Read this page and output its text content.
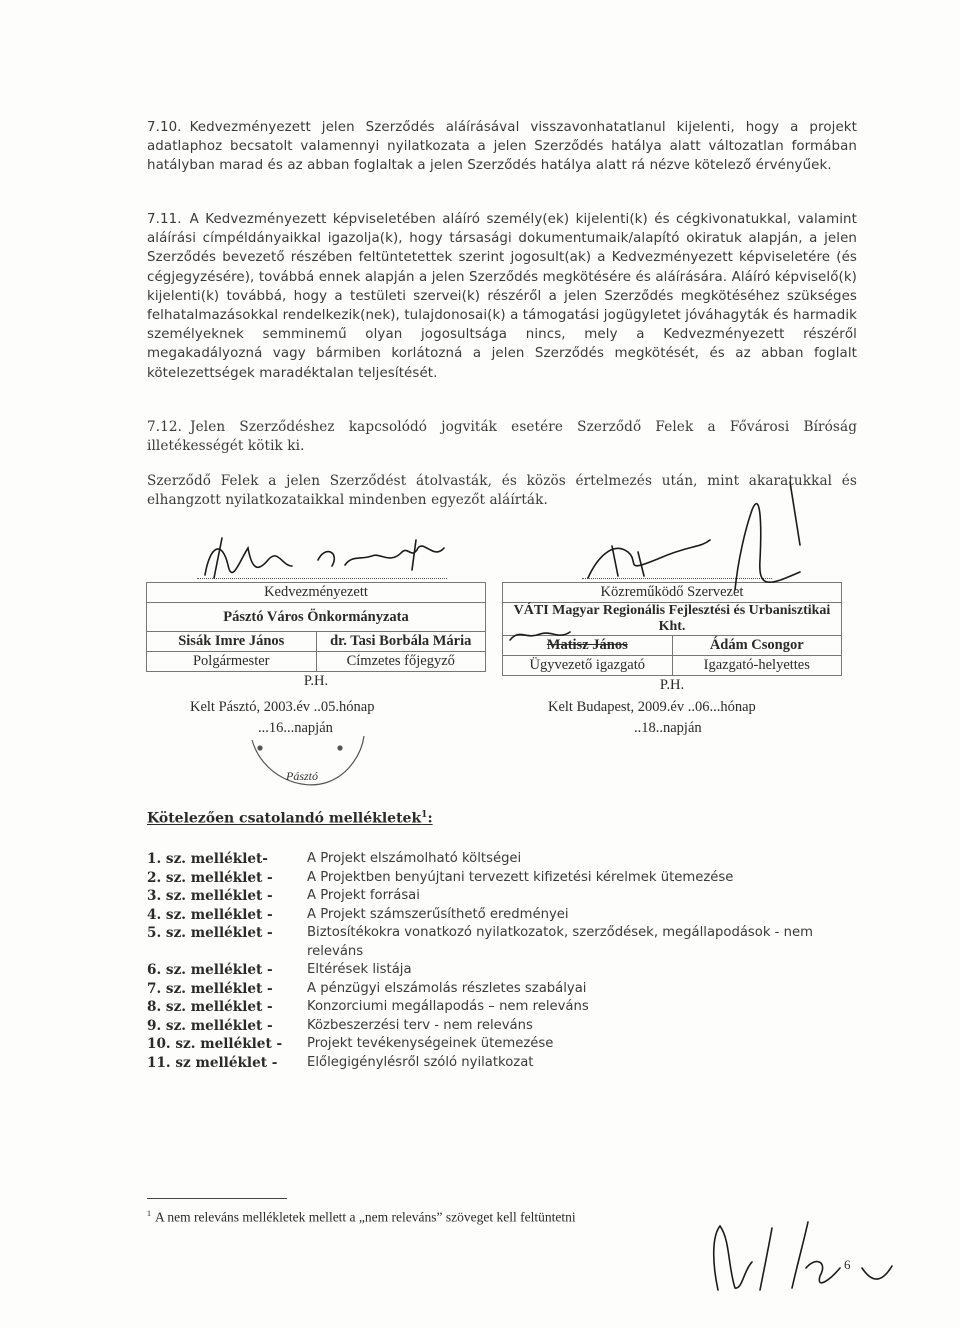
7.10. Kedvezményezett jelen Szerződés aláírásával visszavonhatatlanul kijelenti, hogy a projekt adatlaphoz becsatolt valamennyi nyilatkozata a jelen Szerződés hatálya alatt változatlan formában hatályban marad és az abban foglaltak a jelen Szerződés hatálya alatt rá nézve kötelező érvényűek.
7.11. A Kedvezményezett képviseletében aláíró személy(ek) kijelenti(k) és cégkivonatukkal, valamint aláírási címpéldányaikkal igazolja(k), hogy társasági dokumentumaik/alapító okiratuk alapján, a jelen Szerződés bevezető részében feltüntetettek szerint jogosult(ak) a Kedvezményezett képviseletére (és cégjegyzésére), továbbá ennek alapján a jelen Szerződés megkötésére és aláírására. Aláíró képviselő(k) kijelenti(k) továbbá, hogy a testületi szervei(k) részéről a jelen Szerződés megkötéséhez szükséges felhatalmazásokkal rendelkezik(nek), tulajdonosai(k) a támogatási jogügyletet jóváhagyták és harmadik személyeknek semminemű olyan jogosultsága nincs, mely a Kedvezményezett részéről megakadályozná vagy bármiben korlátozná a jelen Szerződés megkötését, és az abban foglalt kötelezettségek maradéktalan teljesítését.
7.12. Jelen Szerződéshez kapcsolódó jogviták esetére Szerződő Felek a Fővárosi Bíróság illetékességét kötik ki.
Szerződő Felek a jelen Szerződést átolvasták, és közös értelmezés után, mint akaratukkal és elhangzott nyilatkozataikkal mindenben egyezőt aláírták.
Kedvezményezett	
Pásztó Város Önkormányzata	
Sisák Imre János	dr. Tasi Borbála Mária
Polgármester	Címzetes főjegyző
P.H.	
Kelt Pásztó, 2003.év ..05.hónap
...16...napján
Közreműködő Szervezet	
VÁTI Magyar Regionális Fejlesztési és Urbanisztikai Kht.	
Matisz János	Ádám Csongor
Ügyvezető igazgató	Igazgató-helyettes
P.H.	
Kelt Budapest, 2009.év ..06...hónap
..18..napján
Pásztó
Kötelezően csatolandó mellékletek$^1$:
1. sz. melléklet-	A Projekt elszámolható költségei
2. sz. melléklet -	A Projektben benyújtani tervezett kifizetési kérelmek ütemezése
3. sz. melléklet -	A Projekt forrásai
4. sz. melléklet -	A Projekt számszerűsíthető eredményei
5. sz. melléklet -	Biztosítékokra vonatkozó nyilatkozatok, szerződések, megállapodások - nem releváns
6. sz. melléklet -	Eltérések listája
7. sz. melléklet -	A pénzügyi elszámolás részletes szabályai
8. sz. melléklet -	Konzorciumi megállapodás – nem releváns
9. sz. melléklet -	Közbeszerzési terv - nem releváns
10. sz. melléklet -	Projekt tevékenységeinek ütemezése
11. sz melléklet -	Előlegigénylésről szóló nyilatkozat
$^1$ A nem releváns mellékletek mellett a „nem releváns” szöveget kell feltüntetni
6
